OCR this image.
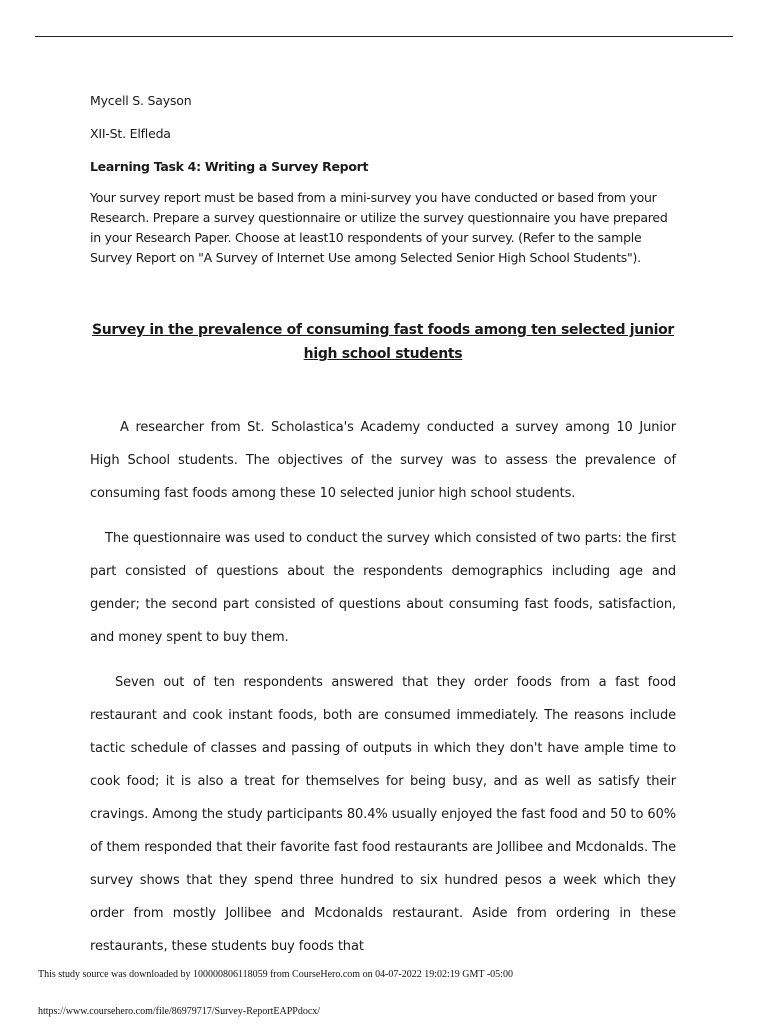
Mycell S. Sayson

XII-St. Elfleda

Learning Task 4: Writing a Survey Report

Your survey report must be based from a mini-survey you have conducted or based from your Research. Prepare a survey questionnaire or utilize the survey questionnaire you have prepared in your Research Paper. Choose at least10 respondents of your survey. (Refer to the sample Survey Report on "A Survey of Internet Use among Selected Senior High School Students").

Survey in the prevalence of consuming fast foods among ten selected junior high school students

A researcher from St. Scholastica's Academy conducted a survey among 10 Junior High School students. The objectives of the survey was to assess the prevalence of consuming fast foods among these 10 selected junior high school students.

The questionnaire was used to conduct the survey which consisted of two parts: the first part consisted of questions about the respondents demographics including age and gender; the second part consisted of questions about consuming fast foods, satisfaction, and money spent to buy them.

Seven out of ten respondents answered that they order foods from a fast food restaurant and cook instant foods, both are consumed immediately. The reasons include tactic schedule of classes and passing of outputs in which they don't have ample time to cook food; it is also a treat for themselves for being busy, and as well as satisfy their cravings. Among the study participants 80.4% usually enjoyed the fast food and 50 to 60% of them responded that their favorite fast food restaurants are Jollibee and Mcdonalds. The survey shows that they spend three hundred to six hundred pesos a week which they order from mostly Jollibee and Mcdonalds restaurant. Aside from ordering in these restaurants, these students buy foods that

This study source was downloaded by 100000806118059 from CourseHero.com on 04-07-2022 19:02:19 GMT -05:00
https://www.coursehero.com/file/86979717/Survey-ReportEAPPdocx/
